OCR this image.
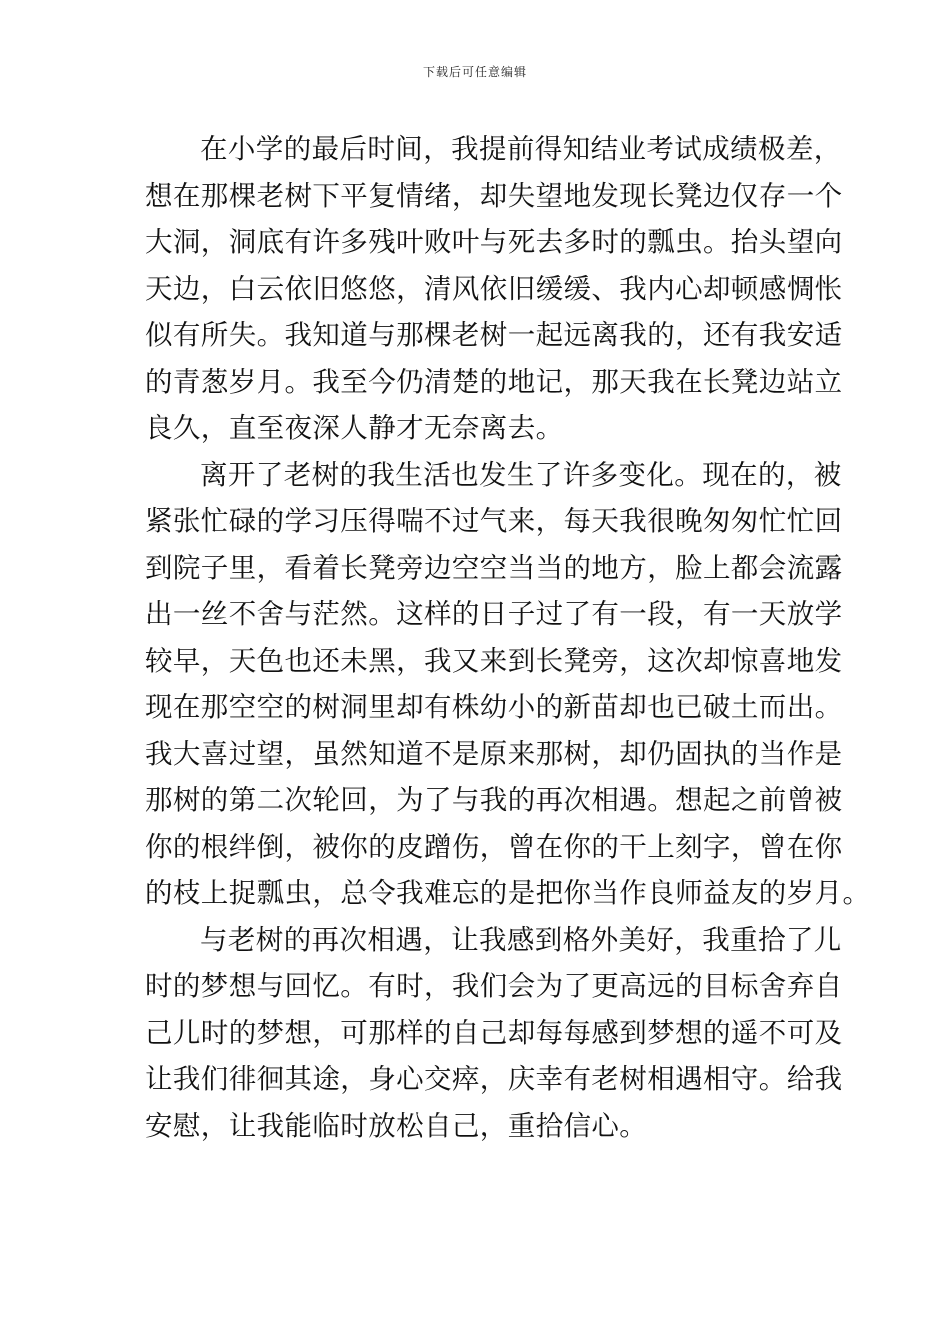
下载后可任意编辑
在小学的最后时间，我提前得知结业考试成绩极差，
想在那棵老树下平复情绪，却失望地发现长凳边仅存一个
大洞，洞底有许多残叶败叶与死去多时的瓢虫。抬头望向
天边，白云依旧悠悠，清风依旧缓缓、我内心却顿感惆怅
似有所失。我知道与那棵老树一起远离我的，还有我安适
的青葱岁月。我至今仍清楚的地记，那天我在长凳边站立
良久，直至夜深人静才无奈离去。
离开了老树的我生活也发生了许多变化。现在的，被
紧张忙碌的学习压得喘不过气来，每天我很晚匆匆忙忙回
到院子里，看着长凳旁边空空当当的地方，脸上都会流露
出一丝不舍与茫然。这样的日子过了有一段，有一天放学
较早，天色也还未黑，我又来到长凳旁，这次却惊喜地发
现在那空空的树洞里却有株幼小的新苗却也已破土而出。
我大喜过望，虽然知道不是原来那树，却仍固执的当作是
那树的第二次轮回，为了与我的再次相遇。想起之前曾被
你的根绊倒，被你的皮蹭伤，曾在你的干上刻字，曾在你
的枝上捉瓢虫，总令我难忘的是把你当作良师益友的岁月。
与老树的再次相遇，让我感到格外美好，我重拾了儿
时的梦想与回忆。有时，我们会为了更高远的目标舍弃自
己儿时的梦想，可那样的自己却每每感到梦想的遥不可及
让我们徘徊其途，身心交瘁，庆幸有老树相遇相守。给我
安慰，让我能临时放松自己，重拾信心。
